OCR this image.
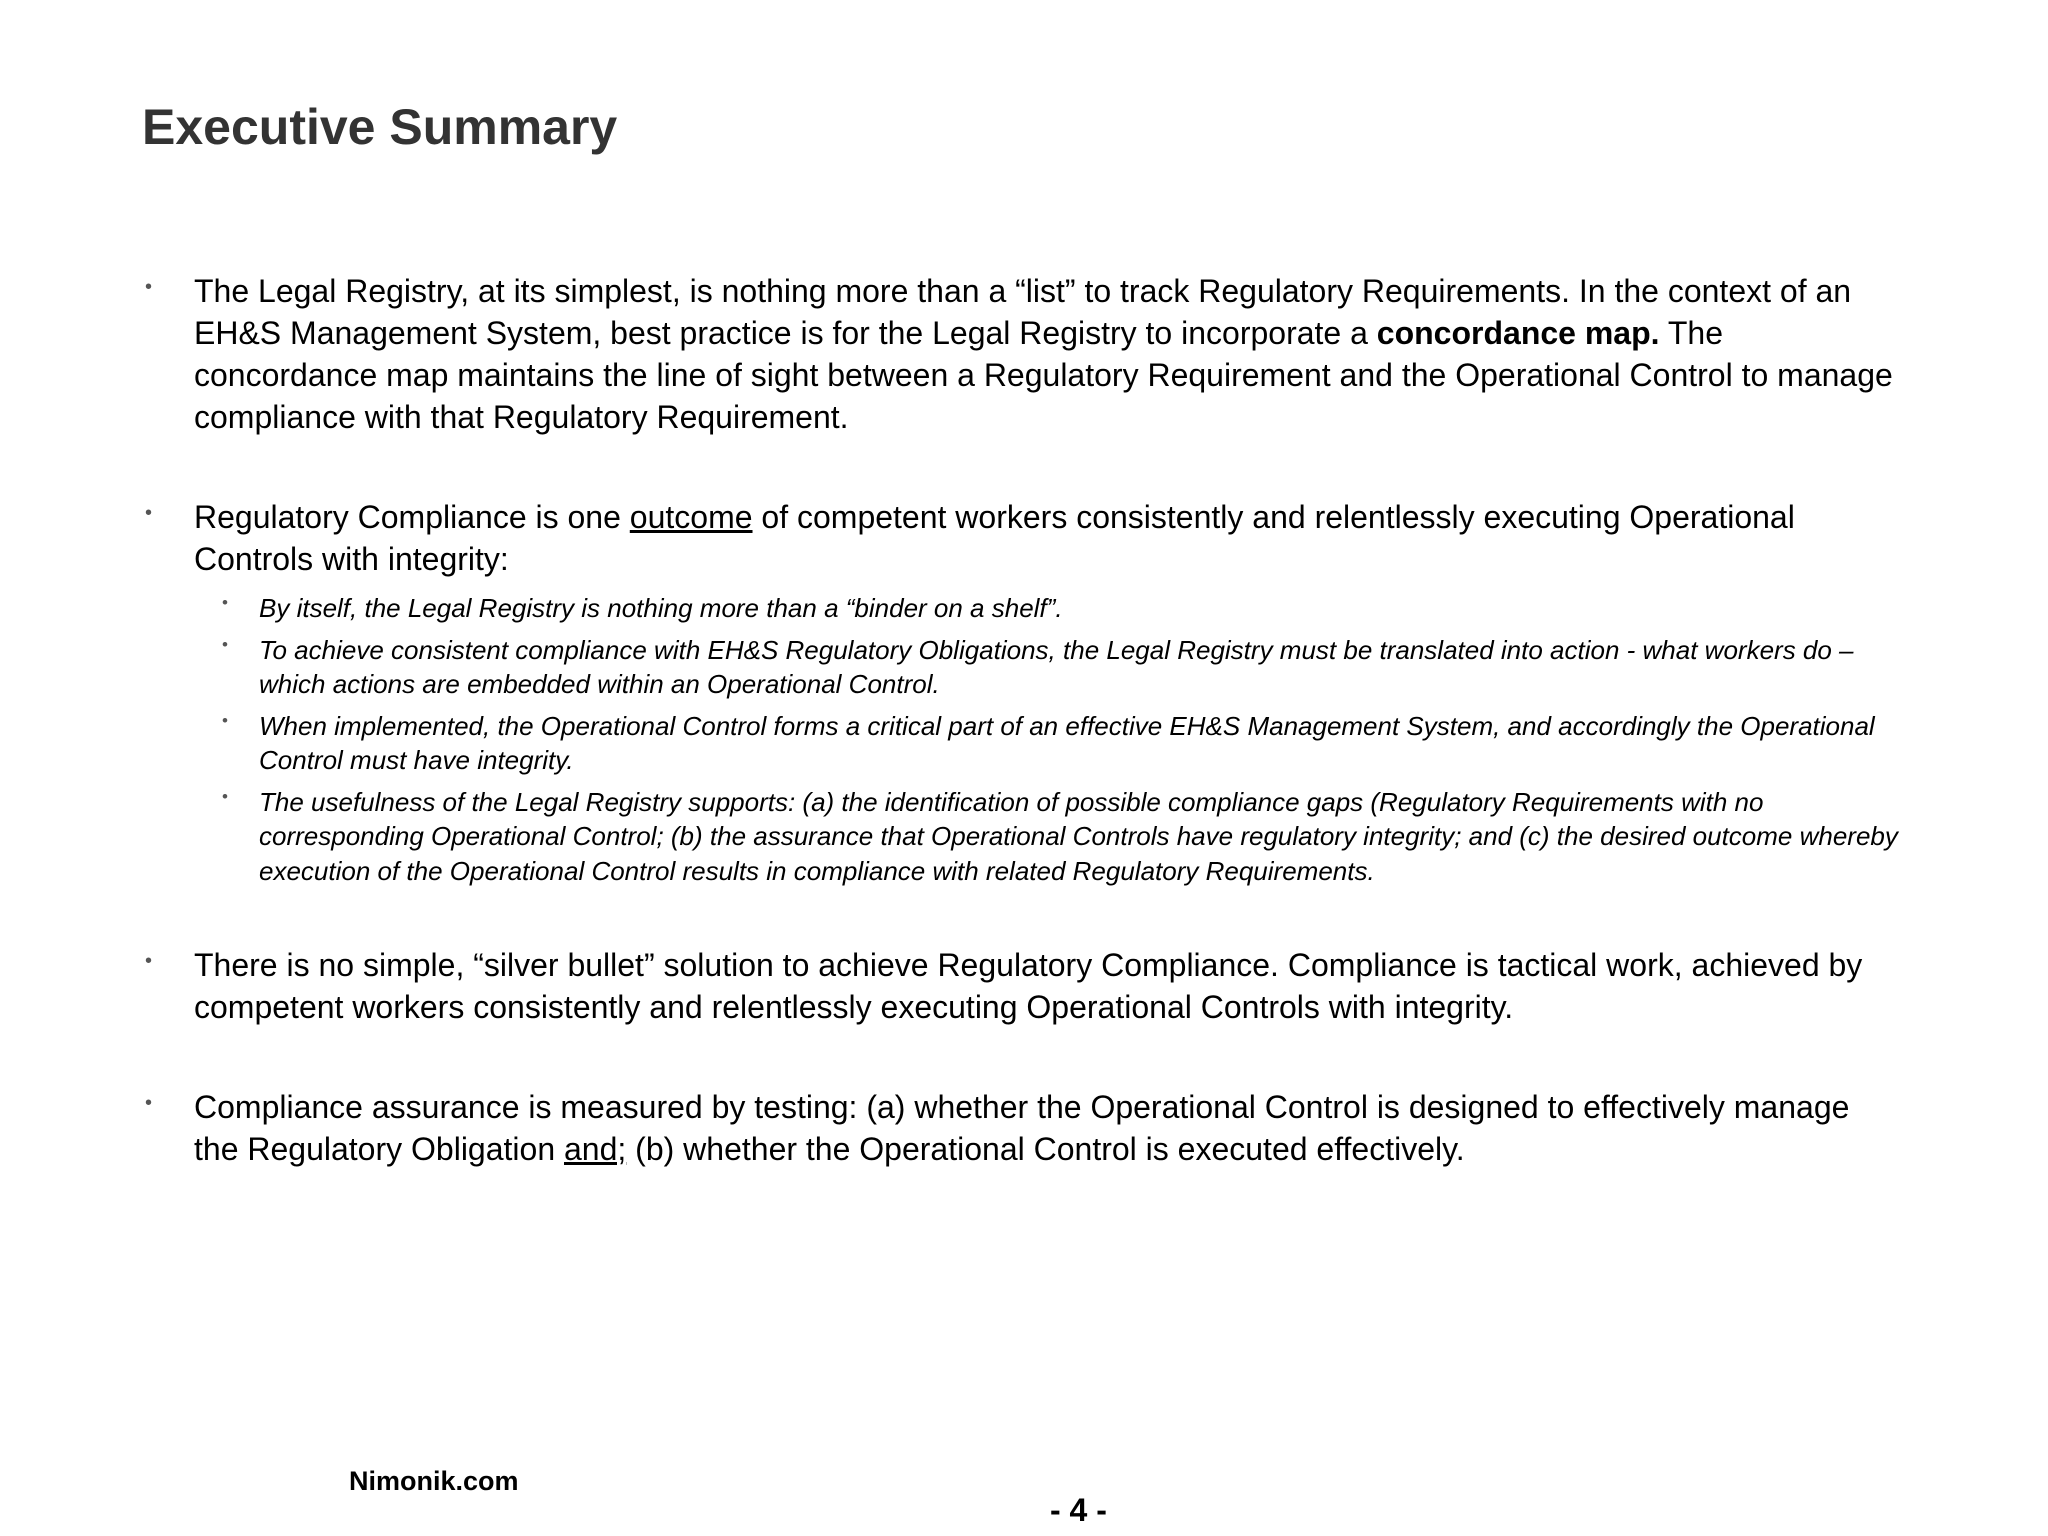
Executive Summary
• The Legal Registry, at its simplest, is nothing more than a “list” to track Regulatory Requirements. In the context of an EH&S Management System, best practice is for the Legal Registry to incorporate a concordance map. The concordance map maintains the line of sight between a Regulatory Requirement and the Operational Control to manage compliance with that Regulatory Requirement.
• Regulatory Compliance is one outcome of competent workers consistently and relentlessly executing Operational Controls with integrity:
• By itself, the Legal Registry is nothing more than a “binder on a shelf”.
• To achieve consistent compliance with EH&S Regulatory Obligations, the Legal Registry must be translated into action - what workers do – which actions are embedded within an Operational Control.
• When implemented, the Operational Control forms a critical part of an effective EH&S Management System, and accordingly the Operational Control must have integrity.
• The usefulness of the Legal Registry supports: (a) the identification of possible compliance gaps (Regulatory Requirements with no corresponding Operational Control; (b) the assurance that Operational Controls have regulatory integrity; and (c) the desired outcome whereby execution of the Operational Control results in compliance with related Regulatory Requirements.
• There is no simple, “silver bullet” solution to achieve Regulatory Compliance. Compliance is tactical work, achieved by competent workers consistently and relentlessly executing Operational Controls with integrity.
• Compliance assurance is measured by testing: (a) whether the Operational Control is designed to effectively manage the Regulatory Obligation and; (b) whether the Operational Control is executed effectively.
Nimonik.com
- 4 -
